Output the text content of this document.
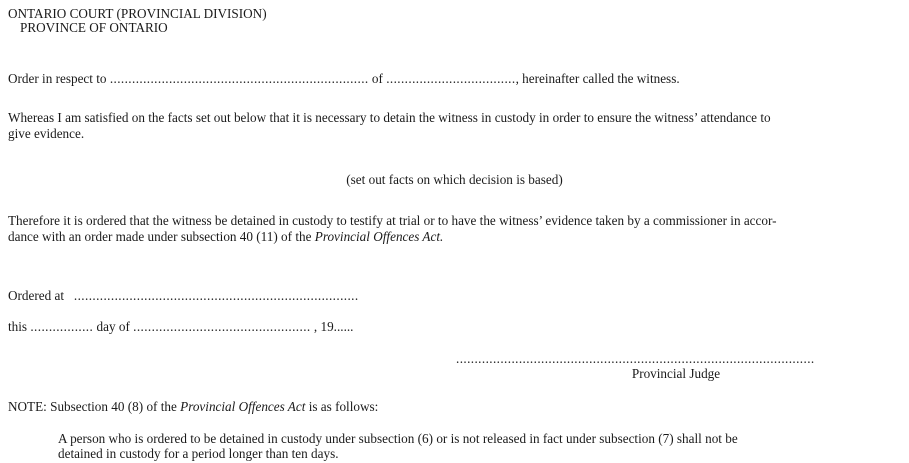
ONTARIO COURT (PROVINCIAL DIVISION)
PROVINCE OF ONTARIO
Order in respect to ...................................................................... of ..................................., hereinafter called the witness.
Whereas I am satisfied on the facts set out below that it is necessary to detain the witness in custody in order to ensure the witness’ attendance to
give evidence.
(set out facts on which decision is based)
Therefore it is ordered that the witness be detained in custody to testify at trial or to have the witness’ evidence taken by a commissioner in accor-
dance with an order made under subsection 40 (11) of the Provincial Offences Act.
Ordered at .............................................................................
this ................. day of ................................................ , 19......
.................................................................................................
Provincial Judge
NOTE: Subsection 40 (8) of the Provincial Offences Act is as follows:
A person who is ordered to be detained in custody under subsection (6) or is not released in fact under subsection (7) shall not be
detained in custody for a period longer than ten days.
